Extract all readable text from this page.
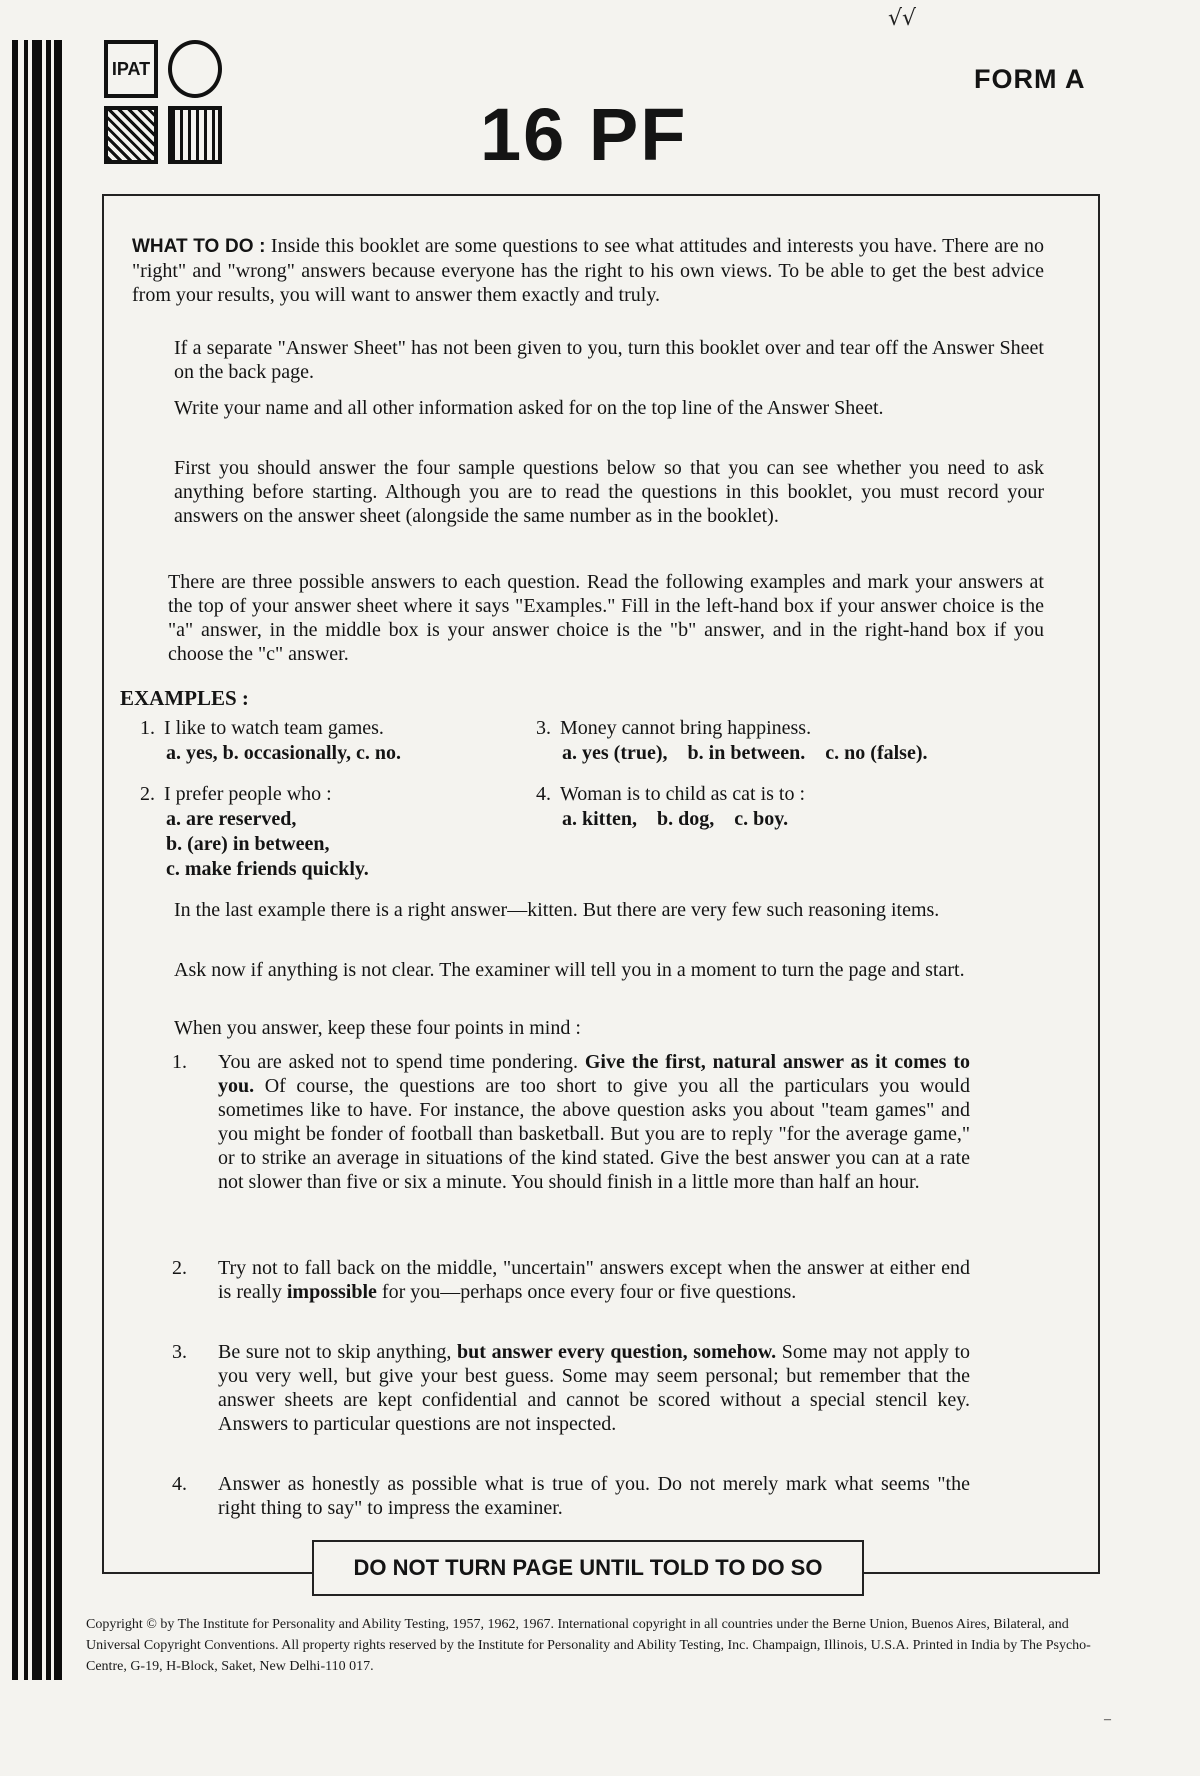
IPAT
√√
FORM A
16 PF
WHAT TO DO : Inside this booklet are some questions to see what attitudes and interests you have. There are no "right" and "wrong" answers because everyone has the right to his own views. To be able to get the best advice from your results, you will want to answer them exactly and truly.
If a separate "Answer Sheet" has not been given to you, turn this booklet over and tear off the Answer Sheet on the back page.
Write your name and all other information asked for on the top line of the Answer Sheet.
First you should answer the four sample questions below so that you can see whether you need to ask anything before starting. Although you are to read the questions in this booklet, you must record your answers on the answer sheet (alongside the same number as in the booklet).
There are three possible answers to each question. Read the following examples and mark your answers at the top of your answer sheet where it says "Examples." Fill in the left-hand box if your answer choice is the "a" answer, in the middle box is your answer choice is the "b" answer, and in the right-hand box if you choose the "c" answer.
EXAMPLES :
1. I like to watch team games.
a. yes, b. occasionally, c. no.
2. I prefer people who :
a. are reserved,
b. (are) in between,
c. make friends quickly.
3. Money cannot bring happiness.
a. yes (true),    b. in between.    c. no (false).
4. Woman is to child as cat is to :
a. kitten,    b. dog,    c. boy.
In the last example there is a right answer—kitten. But there are very few such reasoning items.
Ask now if anything is not clear. The examiner will tell you in a moment to turn the page and start.
When you answer, keep these four points in mind :
1. You are asked not to spend time pondering. Give the first, natural answer as it comes to you. Of course, the questions are too short to give you all the particulars you would sometimes like to have. For instance, the above question asks you about "team games" and you might be fonder of football than basketball. But you are to reply "for the average game," or to strike an average in situations of the kind stated. Give the best answer you can at a rate not slower than five or six a minute. You should finish in a little more than half an hour.
2. Try not to fall back on the middle, "uncertain" answers except when the answer at either end is really impossible for you—perhaps once every four or five questions.
3. Be sure not to skip anything, but answer every question, somehow. Some may not apply to you very well, but give your best guess. Some may seem personal; but remember that the answer sheets are kept confidential and cannot be scored without a special stencil key. Answers to particular questions are not inspected.
4. Answer as honestly as possible what is true of you. Do not merely mark what seems "the right thing to say" to impress the examiner.
DO NOT TURN PAGE UNTIL TOLD TO DO SO
Copyright © by The Institute for Personality and Ability Testing, 1957, 1962, 1967. International copyright in all countries under the Berne Union, Buenos Aires, Bilateral, and Universal Copyright Conventions. All property rights reserved by the Institute for Personality and Ability Testing, Inc. Champaign, Illinois, U.S.A. Printed in India by The Psycho-Centre, G-19, H-Block, Saket, New Delhi-110 017.
–
